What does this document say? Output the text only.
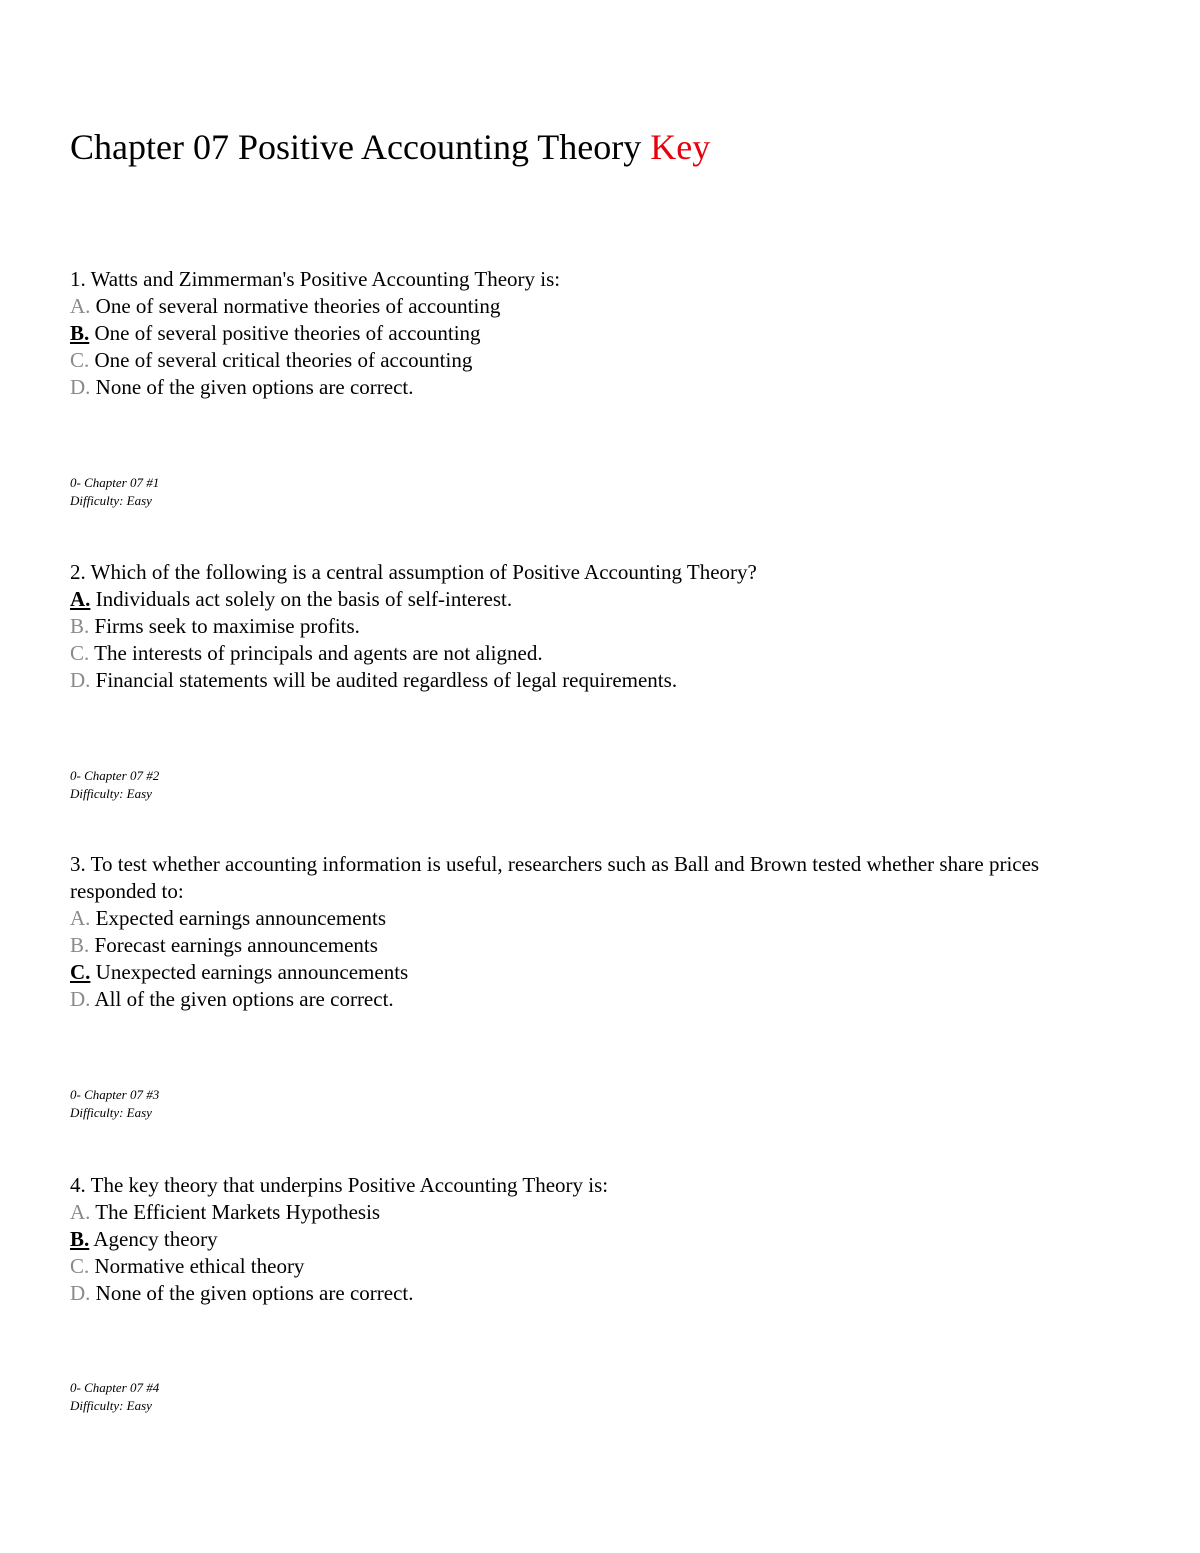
Chapter 07 Positive Accounting Theory Key

1. Watts and Zimmerman's Positive Accounting Theory is:

A. One of several normative theories of accounting

B. One of several positive theories of accounting

C. One of several critical theories of accounting

D. None of the given options are correct.

0- Chapter 07 #1

Difficulty: Easy

2. Which of the following is a central assumption of Positive Accounting Theory?

A. Individuals act solely on the basis of self-interest.

B. Firms seek to maximise profits.

C. The interests of principals and agents are not aligned.

D. Financial statements will be audited regardless of legal requirements.

0- Chapter 07 #2

Difficulty: Easy

3. To test whether accounting information is useful, researchers such as Ball and Brown tested whether share prices responded to:

A. Expected earnings announcements

B. Forecast earnings announcements

C. Unexpected earnings announcements

D. All of the given options are correct.

0- Chapter 07 #3

Difficulty: Easy

4. The key theory that underpins Positive Accounting Theory is:

A. The Efficient Markets Hypothesis

B. Agency theory

C. Normative ethical theory

D. None of the given options are correct.

0- Chapter 07 #4

Difficulty: Easy
